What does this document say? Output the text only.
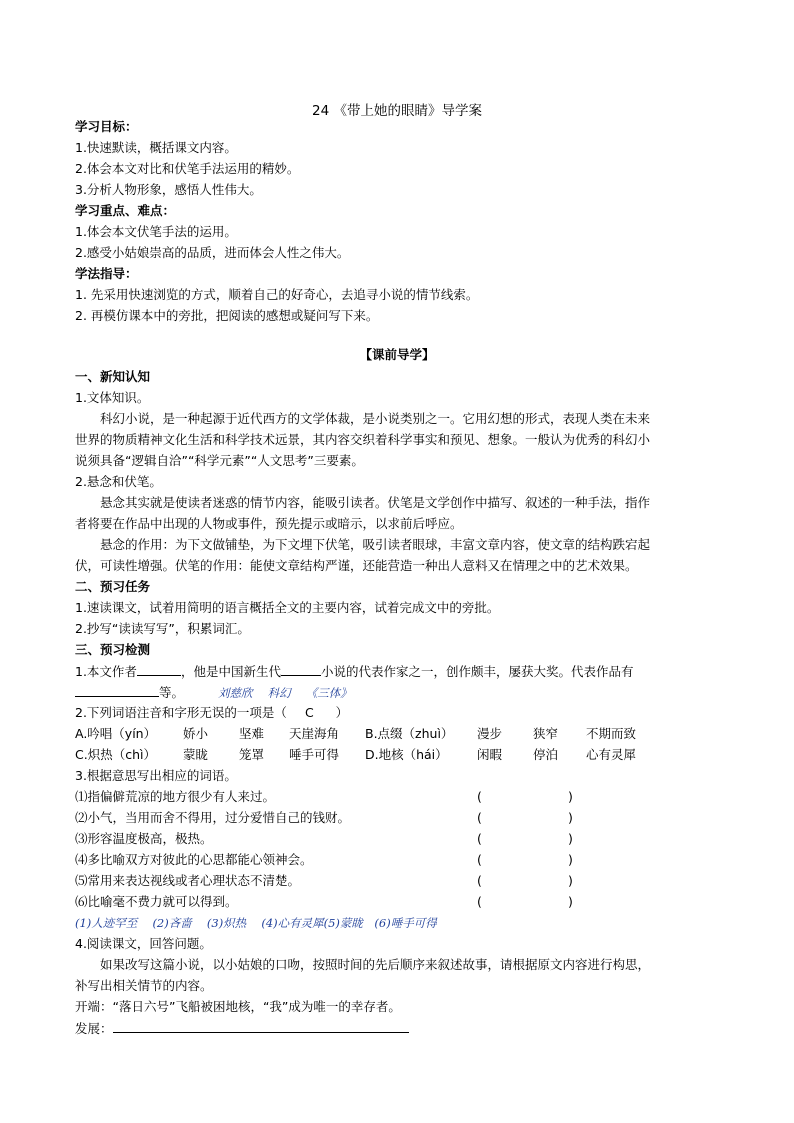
24 《带上她的眼睛》导学案
学习目标：
1.快速默读，概括课文内容。
2.体会本文对比和伏笔手法运用的精妙。
3.分析人物形象，感悟人性伟大。
学习重点、难点：
1.体会本文伏笔手法的运用。
2.感受小姑娘崇高的品质，进而体会人性之伟大。
学法指导：
1. 先采用快速浏览的方式，顺着自己的好奇心，去追寻小说的情节线索。
2. 再模仿课本中的旁批，把阅读的感想或疑问写下来。
【课前导学】
一、新知认知
1.文体知识。
科幻小说，是一种起源于近代西方的文学体裁，是小说类别之一。它用幻想的形式，表现人类在未来
世界的物质精神文化生活和科学技术远景，其内容交织着科学事实和预见、想象。一般认为优秀的科幻小
说须具备“逻辑自洽”“科学元素”“人文思考”三要素。
2.悬念和伏笔。
悬念其实就是使读者迷惑的情节内容，能吸引读者。伏笔是文学创作中描写、叙述的一种手法，指作
者将要在作品中出现的人物或事件，预先提示或暗示，以求前后呼应。
悬念的作用：为下文做铺垫，为下文埋下伏笔，吸引读者眼球，丰富文章内容，使文章的结构跌宕起
伏，可读性增强。伏笔的作用：能使文章结构严谨，还能营造一种出人意料又在情理之中的艺术效果。
二、预习任务
1.速读课文，试着用简明的语言概括全文的主要内容，试着完成文中的旁批。
2.抄写“读读写写”，积累词汇。
三、预习检测
1.本文作者	，他是中国新生代	小说的代表作家之一，创作颇丰，屡获大奖。代表作品有
等。	刘慈欣　 科幻　 《三体》
2.下列词语注音和字形无误的一项是（ C ）
A.吟唱（yín） 娇小 坚难 天崖海角 B.点缀（zhuì） 漫步 狭窄 不期而致
C.炽热（chì） 蒙眬 笼罩 唾手可得 D.地核（hái） 闲暇 停泊 心有灵犀
3.根据意思写出相应的词语。
⑴指偏僻荒凉的地方很少有人来过。	(	)
⑵小气，当用而舍不得用，过分爱惜自己的钱财。	(	)
⑶形容温度极高，极热。	(	)
⑷多比喻双方对彼此的心思都能心领神会。	(	)
⑸常用来表达视线或者心理状态不清楚。	(	)
⑹比喻毫不费力就可以得到。	(	)
(1)人迹罕至　 (2)吝啬　 (3)炽热　 (4)心有灵犀(5)蒙眬　(6)唾手可得
4.阅读课文，回答问题。
如果改写这篇小说，以小姑娘的口吻，按照时间的先后顺序来叙述故事，请根据原文内容进行构思，
补写出相关情节的内容。
开端：“落日六号”飞船被困地核，“我”成为唯一的幸存者。
发展：
